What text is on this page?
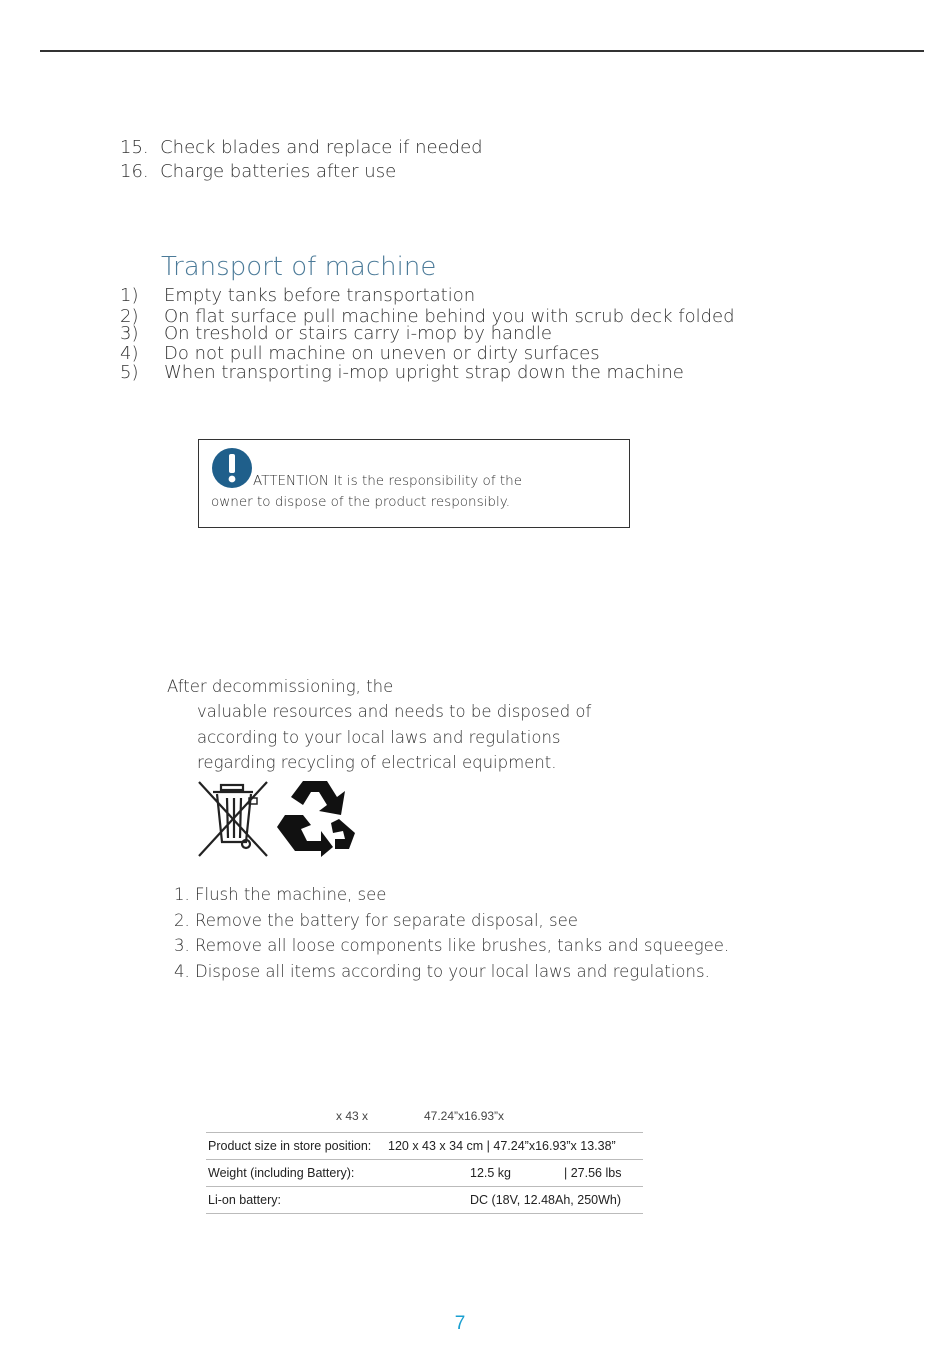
15. Check blades and replace if needed
16. Charge batteries after use
Transport of machine
1) Empty tanks before transportation
2) On flat surface pull machine behind you with scrub deck folded
3) On treshold or stairs carry i-mop by handle
4) Do not pull machine on uneven or dirty surfaces
5) When transporting i-mop upright strap down the machine
ATTENTION It is the responsibility of the
owner to dispose of the product responsibly.
After decommissioning, the
valuable resources and needs to be disposed of
according to your local laws and regulations
regarding recycling of electrical equipment.
1. Flush the machine, see
2. Remove the battery for separate disposal, see
3. Remove all loose components like brushes, tanks and squeegee.
4. Dispose all items according to your local laws and regulations.
x 43 x	47.24”x16.93”x
Product size in store position:	120 x 43 x 34 cm | 47.24”x16.93”x 13.38”	
Weight (including Battery):	12.5 kg	| 27.56 lbs
Li-on battery:	DC (18V, 12.48Ah, 250Wh)	
7
